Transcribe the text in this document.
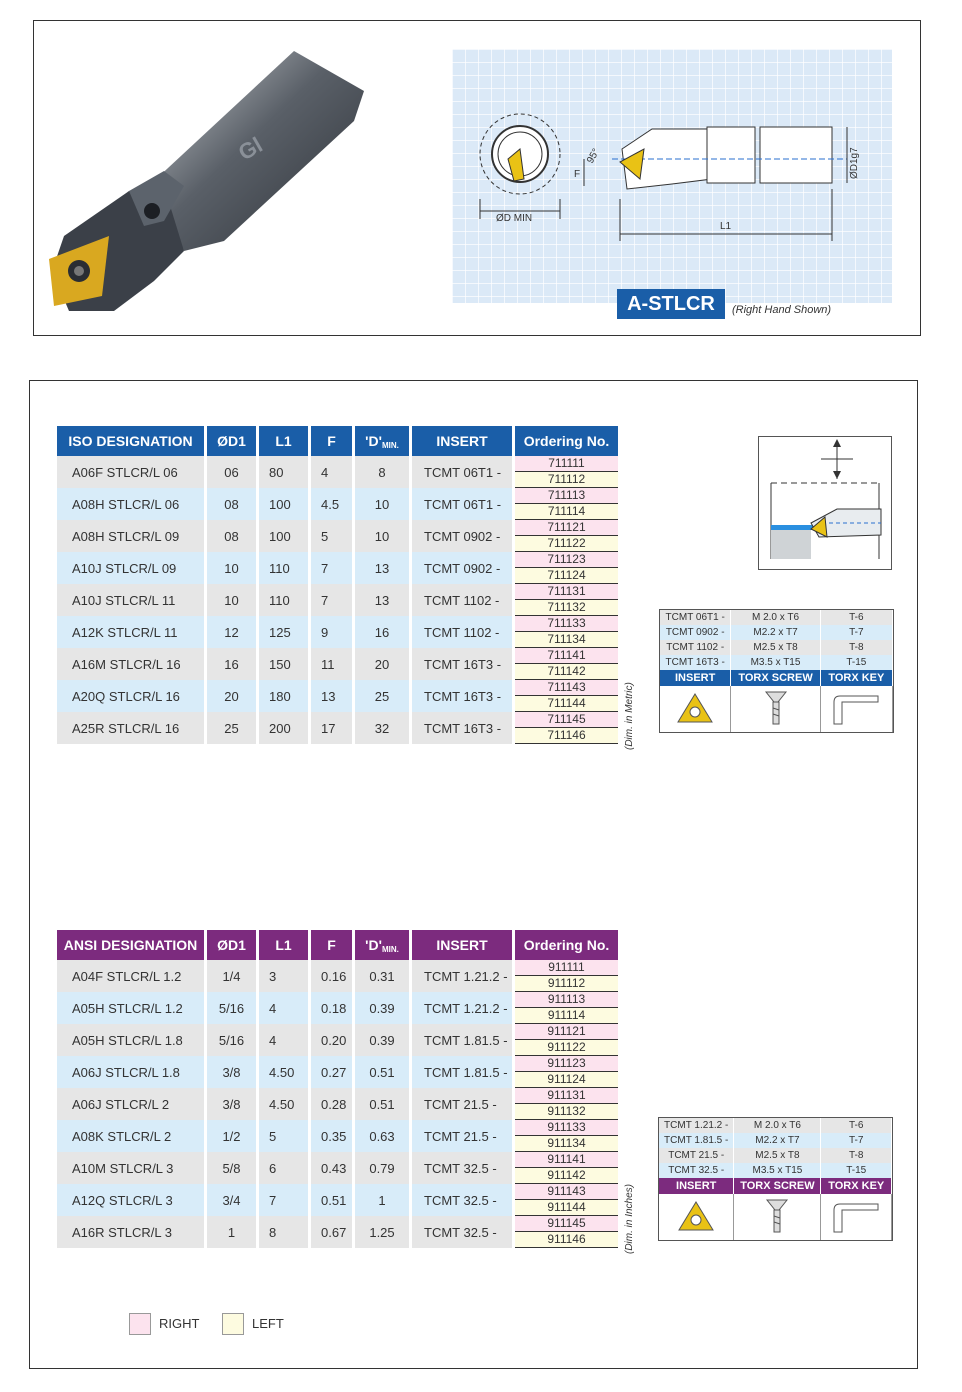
Gl
ØD MIN
L1
F
95°	ØD1g7
A-STLCR	(Right Hand Shown)
ISO DESIGNATION	ØD1	L1	F	'$D'_{MIN.}$	INSERT	Ordering No.
A06F STLCR/L 06	06	80	4	8	TCMT 06T1 -	711111
711112

A08H STLCR/L 06	08	100	4.5	10	TCMT 06T1 -	711113
711114

A08H STLCR/L 09	08	100	5	10	TCMT 0902 -	711121
711122

A10J STLCR/L 09	10	110	7	13	TCMT 0902 -	711123
711124

A10J STLCR/L 11	10	110	7	13	TCMT 1102 -	711131
711132

A12K STLCR/L 11	12	125	9	16	TCMT 1102 -	711133
711134

A16M STLCR/L 16	16	150	11	20	TCMT 16T3 -	711141
711142

A20Q STLCR/L 16	20	180	13	25	TCMT 16T3 -	711143
711144

A25R STLCR/L 16	25	200	17	32	TCMT 16T3 -	711145
711146	(Dim. in Metric)
TCMT 06T1 -	M 2.0 x T6	T-6
TCMT 0902 -	M2.2 x T7	T-7
TCMT 1102 -	M2.5 x T8	T-8
TCMT 16T3 -	M3.5 x T15	T-15
INSERT	TORX SCREW	TORX KEY

ANSI DESIGNATION	ØD1	L1	F	'$D'_{MIN.}$	INSERT	Ordering No.
A04F STLCR/L 1.2	1/4	3	0.16	0.31	TCMT 1.21.2 -	911111
911112

A05H STLCR/L 1.2	5/16	4	0.18	0.39	TCMT 1.21.2 -	911113
911114

A05H STLCR/L 1.8	5/16	4	0.20	0.39	TCMT 1.81.5 -	911121
911122

A06J STLCR/L 1.8	3/8	4.50	0.27	0.51	TCMT 1.81.5 -	911123
911124

A06J STLCR/L 2	3/8	4.50	0.28	0.51	TCMT 21.5 -	911131
911132

A08K STLCR/L 2	1/2	5	0.35	0.63	TCMT 21.5 -	911133
911134

A10M STLCR/L 3	5/8	6	0.43	0.79	TCMT 32.5 -	911141
911142

A12Q STLCR/L 3	3/4	7	0.51	1	TCMT 32.5 -	911143
911144

A16R STLCR/L 3	1	8	0.67	1.25	TCMT 32.5 -	911145
911146	(Dim. in Inches)
TCMT 1.21.2 -	M 2.0 x T6	T-6
TCMT 1.81.5 -	M2.2 x T7	T-7
TCMT 21.5 -	M2.5 x T8	T-8
TCMT 32.5 -	M3.5 x T15	T-15
INSERT	TORX SCREW	TORX KEY

RIGHT	LEFT
